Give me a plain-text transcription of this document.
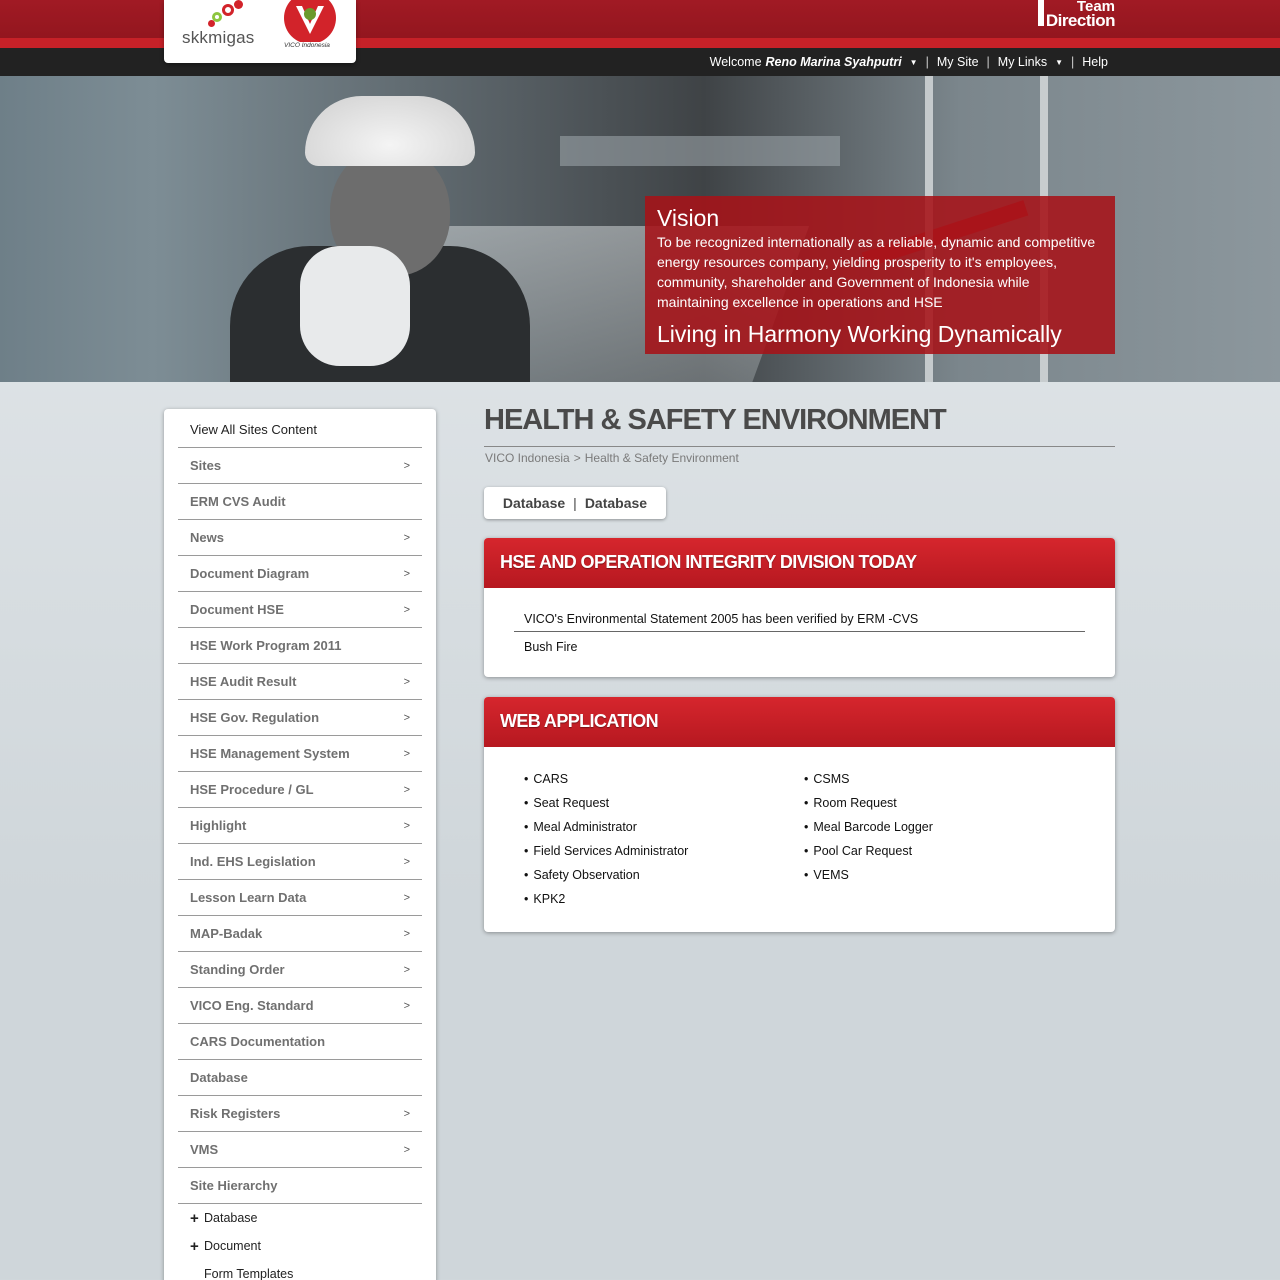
skkmigas	VICO Indonesia
Team
Direction
Welcome Reno Marina Syahputri ▼ | My Site | My Links ▼ | Help
Vision
To be recognized internationally as a reliable, dynamic and competitive energy resources company, yielding prosperity to it's employees, community, shareholder and Government of Indonesia while maintaining excellence in operations and HSE
Living in Harmony Working Dynamically
View All Sites Content
Sites	>
ERM CVS Audit
News	>
Document Diagram	>
Document HSE	>
HSE Work Program 2011
HSE Audit Result	>
HSE Gov. Regulation	>
HSE Management System	>
HSE Procedure / GL	>
Highlight	>
Ind. EHS Legislation	>
Lesson Learn Data	>
MAP-Badak	>
Standing Order	>
VICO Eng. Standard	>
CARS Documentation
Database
Risk Registers	>
VMS	>
Site Hierarchy
+ Database
+ Document
Form Templates
HEALTH & SAFETY ENVIRONMENT
VICO Indonesia > Health & Safety Environment
Database | Database
HSE AND OPERATION INTEGRITY DIVISION TODAY
VICO's Environmental Statement 2005 has been verified by ERM -CVS
Bush Fire
WEB APPLICATION
• CARS
• Seat Request
• Meal Administrator
• Field Services Administrator
• Safety Observation
• KPK2
• CSMS
• Room Request
• Meal Barcode Logger
• Pool Car Request
• VEMS
